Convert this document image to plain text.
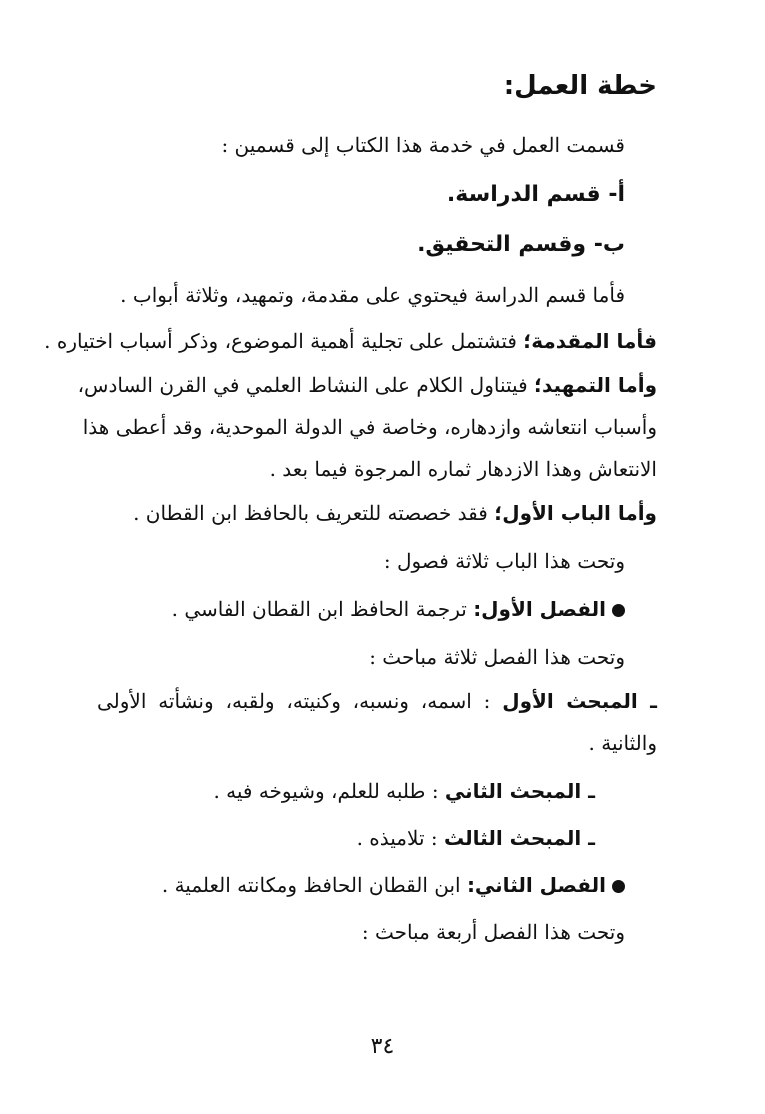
خطة العمل:
قسمت العمل في خدمة هذا الكتاب إلى قسمين :
أ- قسم الدراسة.
ب- وقسم التحقيق.
فأما قسم الدراسة فيحتوي على مقدمة، وتمهيد، وثلاثة أبواب .
فأما المقدمة؛ فتشتمل على تجلية أهمية الموضوع، وذكر أسباب اختياره .
وأما التمهيد؛ فيتناول الكلام على النشاط العلمي في القرن السادس،
وأسباب انتعاشه وازدهاره، وخاصة في الدولة الموحدية، وقد أعطى هذا
الانتعاش وهذا الازدهار ثماره المرجوة فيما بعد .
وأما الباب الأول؛ فقد خصصته للتعريف بالحافظ ابن القطان .
وتحت هذا الباب ثلاثة فصول :
الفصل الأول: ترجمة الحافظ ابن القطان الفاسي .
وتحت هذا الفصل ثلاثة مباحث :
ـ المبحث الأول : اسمه، ونسبه، وكنيته، ولقبه، ونشأته الأولى
والثانية .
ـ المبحث الثاني : طلبه للعلم، وشيوخه فيه .
ـ المبحث الثالث : تلاميذه .
الفصل الثاني: ابن القطان الحافظ ومكانته العلمية .
وتحت هذا الفصل أربعة مباحث :
٣٤
